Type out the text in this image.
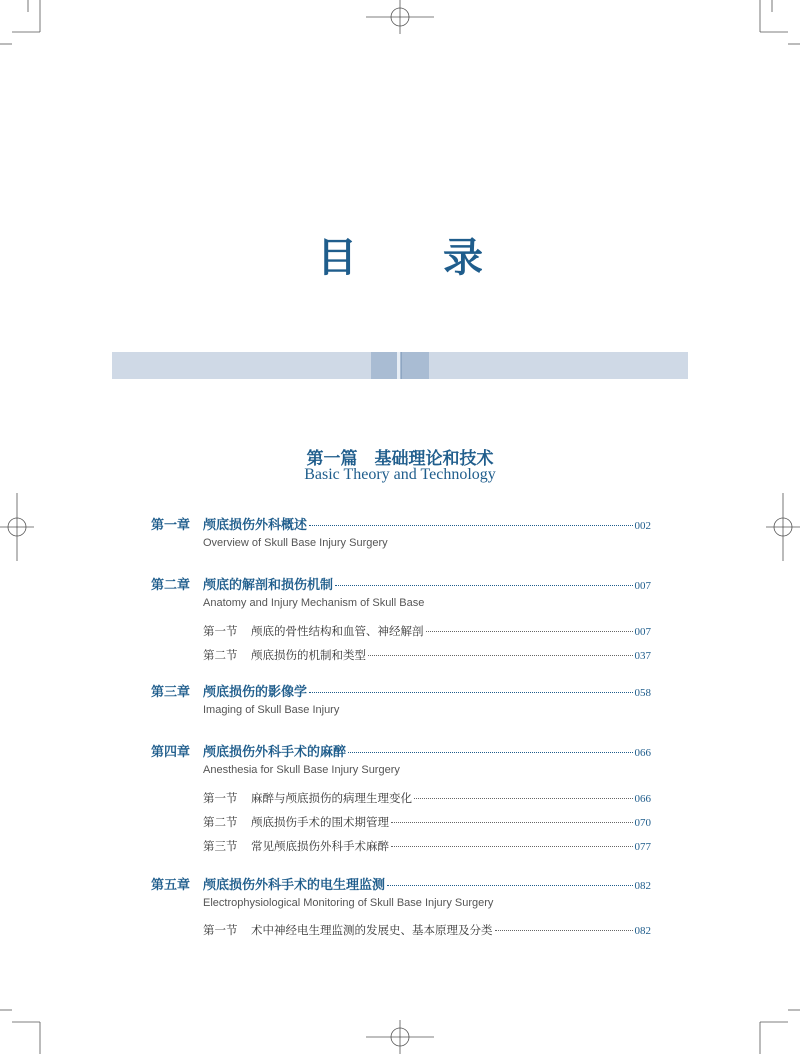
目 录
第一篇　基础理论和技术
Basic Theory and Technology
第一章 颅底损伤外科概述	002
Overview of Skull Base Injury Surgery
第二章 颅底的解剖和损伤机制	007
Anatomy and Injury Mechanism of Skull Base
第一节	颅底的骨性结构和血管、神经解剖	007
第二节	颅底损伤的机制和类型	037
第三章 颅底损伤的影像学	058
Imaging of Skull Base Injury
第四章 颅底损伤外科手术的麻醉	066
Anesthesia for Skull Base Injury Surgery
第一节	麻醉与颅底损伤的病理生理变化	066
第二节	颅底损伤手术的围术期管理	070
第三节	常见颅底损伤外科手术麻醉	077
第五章 颅底损伤外科手术的电生理监测	082
Electrophysiological Monitoring of Skull Base Injury Surgery
第一节	术中神经电生理监测的发展史、基本原理及分类	082
